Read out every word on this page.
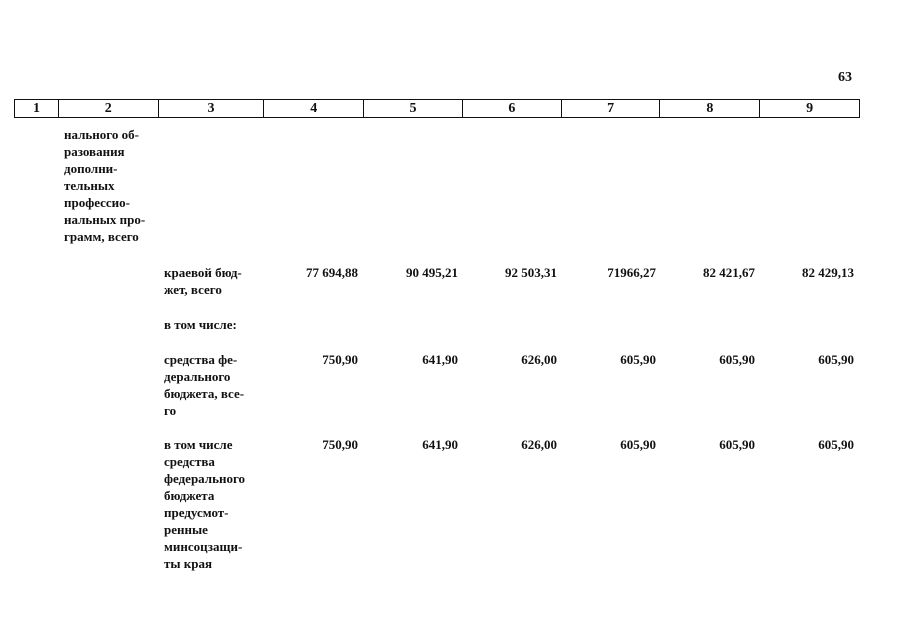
63
1	2	3	4	5	6	7	8	9
нального об-
разования
дополни-
тельных
профессио-
нальных про-
грамм, всего
краевой бюд-
жет, всего
77 694,88	90 495,21	92 503,31	71966,27	82 421,67	82 429,13
в том числе:
средства фе-
дерального
бюджета, все-
го
750,90	641,90	626,00	605,90	605,90	605,90
в том числе
средства
федерального
бюджета
предусмот-
ренные
минсоцзащи-
ты края
750,90	641,90	626,00	605,90	605,90	605,90
